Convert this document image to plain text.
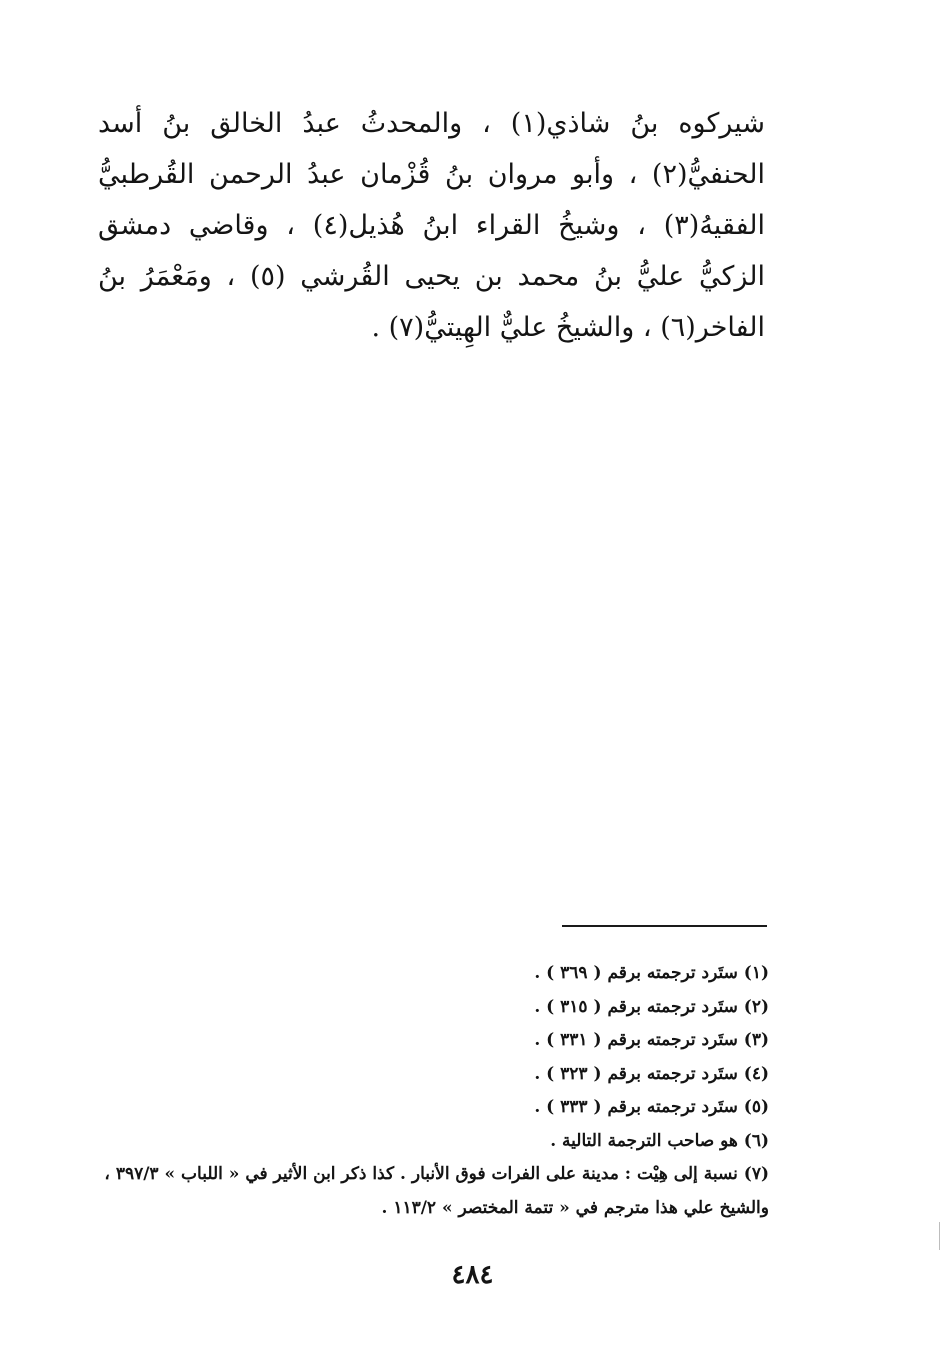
شيركوه بنُ شاذي(١) ، والمحدثُ عبدُ الخالق بنُ أسد الحنفيُّ(٢) ، وأبو مروان بنُ قُزْمان عبدُ الرحمن القُرطبيُّ الفقيهُ(٣) ، وشيخُ القراء ابنُ هُذيل(٤) ، وقاضي دمشق الزكيُّ عليُّ بنُ محمد بن يحيى القُرشي (٥) ، ومَعْمَرُ بنُ الفاخر(٦) ، والشيخُ عليٌّ الهِيتيُّ(٧) .

(١) ستَرد ترجمته برقم ( ٣٦٩ ) .
(٢) ستَرد ترجمته برقم ( ٣١٥ ) .
(٣) ستَرد ترجمته برقم ( ٣٣١ ) .
(٤) ستَرد ترجمته برقم ( ٣٢٣ ) .
(٥) ستَرد ترجمته برقم ( ٣٣٣ ) .
(٦) هو صاحب الترجمة التالية .
(٧) نسبة إلى هِيْت : مدينة على الفرات فوق الأنبار . كذا ذكر ابن الأثير في « اللباب » ٣٩٧/٣ ، والشيخ علي هذا مترجم في « تتمة المختصر » ١١٣/٢ .
٤٨٤
